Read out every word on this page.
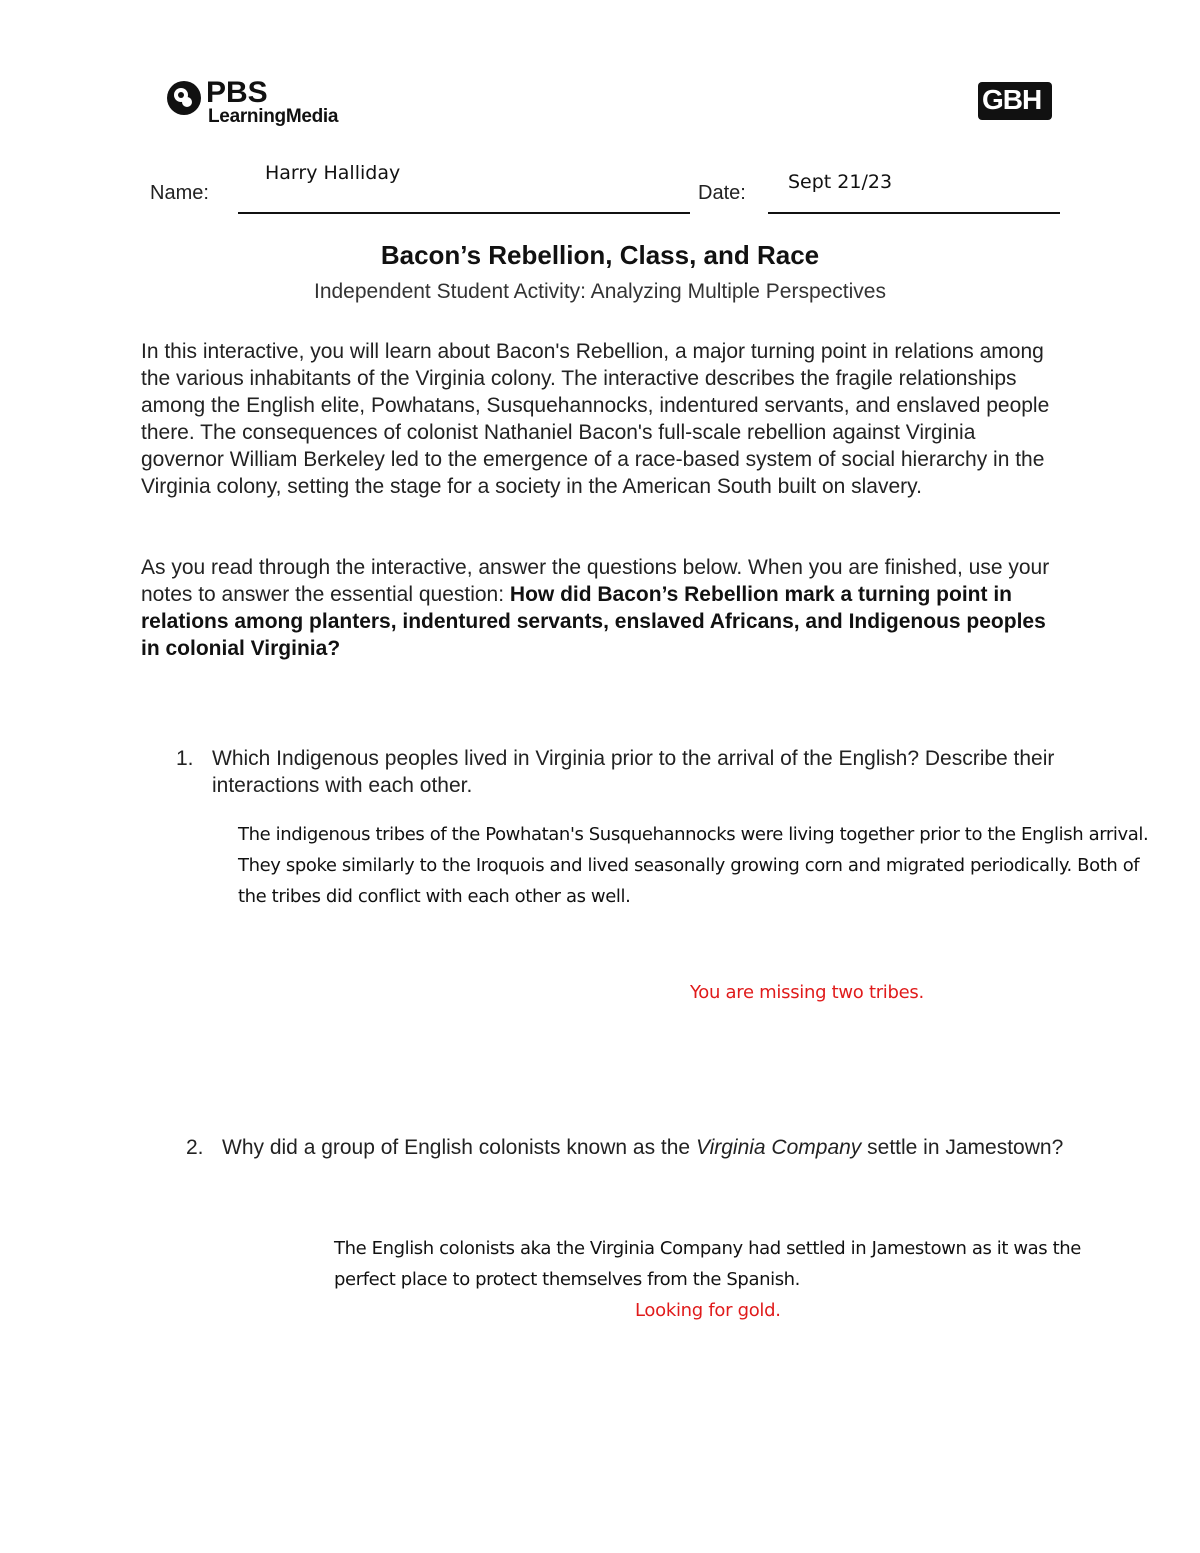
PBS
LearningMedia
GBH
Name:
Harry Halliday
Date: Sept 21/23
Bacon’s Rebellion, Class, and Race
Independent Student Activity: Analyzing Multiple Perspectives
In this interactive, you will learn about Bacon's Rebellion, a major turning point in relations among the various inhabitants of the Virginia colony. The interactive describes the fragile relationships among the English elite, Powhatans, Susquehannocks, indentured servants, and enslaved people there. The consequences of colonist Nathaniel Bacon's full-scale rebellion against Virginia governor William Berkeley led to the emergence of a race-based system of social hierarchy in the Virginia colony, setting the stage for a society in the American South built on slavery.
As you read through the interactive, answer the questions below. When you are finished, use your notes to answer the essential question: How did Bacon’s Rebellion mark a turning point in relations among planters, indentured servants, enslaved Africans, and Indigenous peoples in colonial Virginia?
1. Which Indigenous peoples lived in Virginia prior to the arrival of the English? Describe their interactions with each other.
The indigenous tribes of the Powhatan's Susquehannocks were living together prior to the English arrival. They spoke similarly to the Iroquois and lived seasonally growing corn and migrated periodically. Both of the tribes did conflict with each other as well.
You are missing two tribes.
2. Why did a group of English colonists known as the Virginia Company settle in Jamestown?
The English colonists aka the Virginia Company had settled in Jamestown as it was the perfect place to protect themselves from the Spanish.
Looking for gold.
